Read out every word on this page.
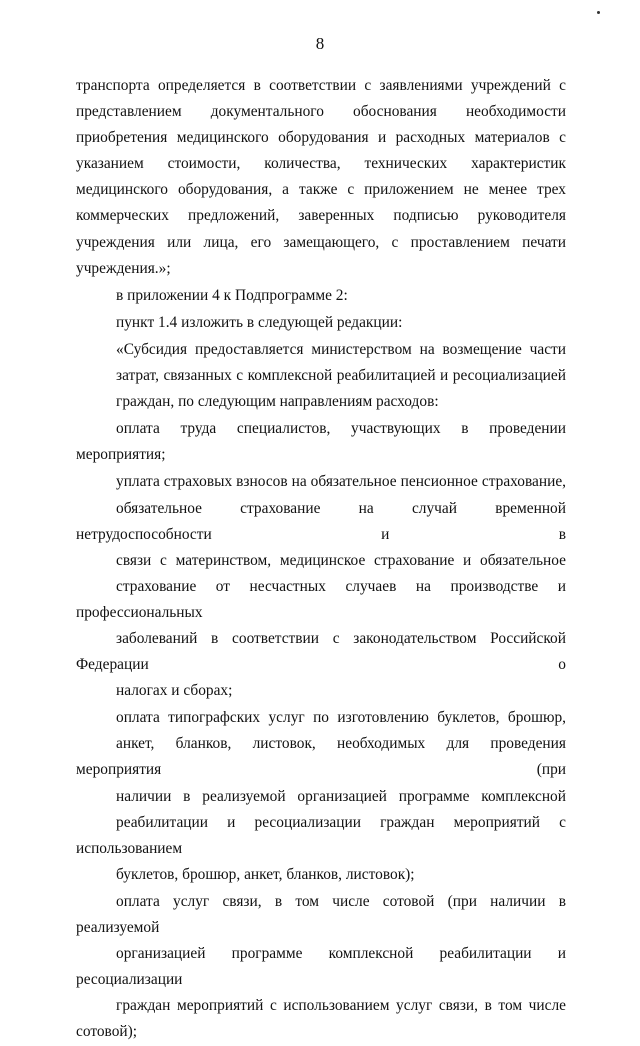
8
транспорта определяется в соответствии с заявлениями учреждений с
представлением документального обоснования необходимости
приобретения медицинского оборудования и расходных материалов с
указанием стоимости, количества, технических характеристик
медицинского оборудования, а также с приложением не менее трех
коммерческих предложений, заверенных подписью руководителя
учреждения или лица, его замещающего, с проставлением печати
учреждения.»;
в приложении 4 к Подпрограмме 2:
пункт 1.4 изложить в следующей редакции:
«Субсидия предоставляется министерством на возмещение части
затрат, связанных с комплексной реабилитацией и ресоциализацией
граждан, по следующим направлениям расходов:
оплата труда специалистов, участвующих в проведении мероприятия;
уплата страховых взносов на обязательное пенсионное страхование,
обязательное страхование на случай временной нетрудоспособности и в
связи с материнством, медицинское страхование и обязательное
страхование от несчастных случаев на производстве и профессиональных
заболеваний в соответствии с законодательством Российской Федерации о
налогах и сборах;
оплата типографских услуг по изготовлению буклетов, брошюр,
анкет, бланков, листовок, необходимых для проведения мероприятия (при
наличии в реализуемой организацией программе комплексной
реабилитации и ресоциализации граждан мероприятий с использованием
буклетов, брошюр, анкет, бланков, листовок);
оплата услуг связи, в том числе сотовой (при наличии в реализуемой
организацией программе комплексной реабилитации и ресоциализации
граждан мероприятий с использованием услуг связи, в том числе сотовой);
